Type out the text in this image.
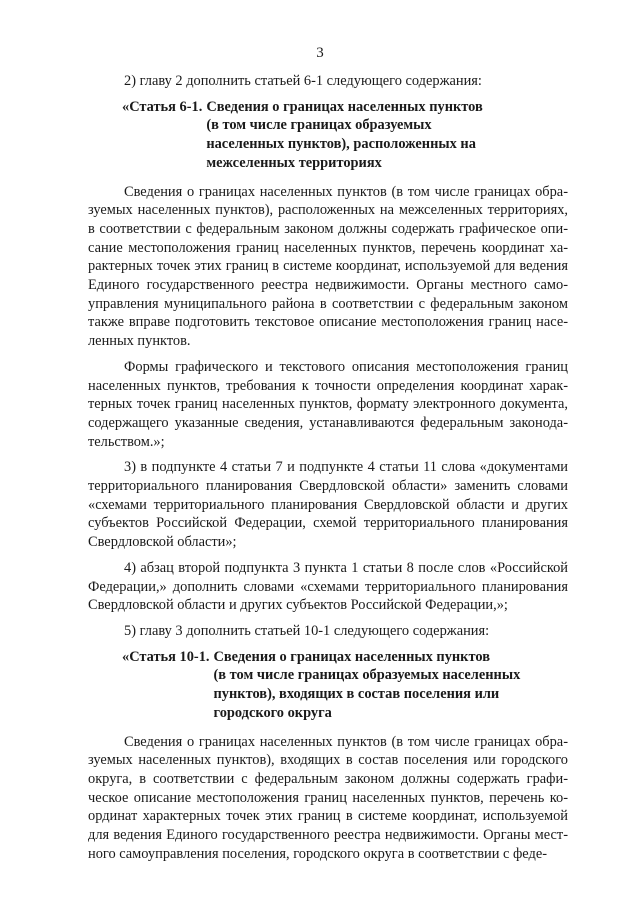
3

2) главу 2 дополнить статьей 6-1 следующего содержания:

«Статья 6-1. Сведения о границах населенных пунктов
(в том числе границах образуемых
населенных пунктов), расположенных на
межселенных территориях

Сведения о границах населенных пунктов (в том числе границах образуемых населенных пунктов), расположенных на межселенных территориях, в соответствии с федеральным законом должны содержать графическое описание местоположения границ населенных пунктов, перечень координат характерных точек этих границ в системе координат, используемой для ведения Единого государственного реестра недвижимости. Органы местного самоуправления муниципального района в соответствии с федеральным законом также вправе подготовить текстовое описание местоположения границ населенных пунктов.

Формы графического и текстового описания местоположения границ населенных пунктов, требования к точности определения координат характерных точек границ населенных пунктов, формату электронного документа, содержащего указанные сведения, устанавливаются федеральным законодательством.»;

3) в подпункте 4 статьи 7 и подпункте 4 статьи 11 слова «документами территориального планирования Свердловской области» заменить словами «схемами территориального планирования Свердловской области и других субъектов Российской Федерации, схемой территориального планирования Свердловской области»;

4) абзац второй подпункта 3 пункта 1 статьи 8 после слов «Российской Федерации,» дополнить словами «схемами территориального планирования Свердловской области и других субъектов Российской Федерации,»;

5) главу 3 дополнить статьей 10-1 следующего содержания:

«Статья 10-1. Сведения о границах населенных пунктов
(в том числе границах образуемых населенных
пунктов), входящих в состав поселения или
городского округа

Сведения о границах населенных пунктов (в том числе границах образуемых населенных пунктов), входящих в состав поселения или городского округа, в соответствии с федеральным законом должны содержать графическое описание местоположения границ населенных пунктов, перечень координат характерных точек этих границ в системе координат, используемой для ведения Единого государственного реестра недвижимости. Органы местного самоуправления поселения, городского округа в соответствии с феде-
